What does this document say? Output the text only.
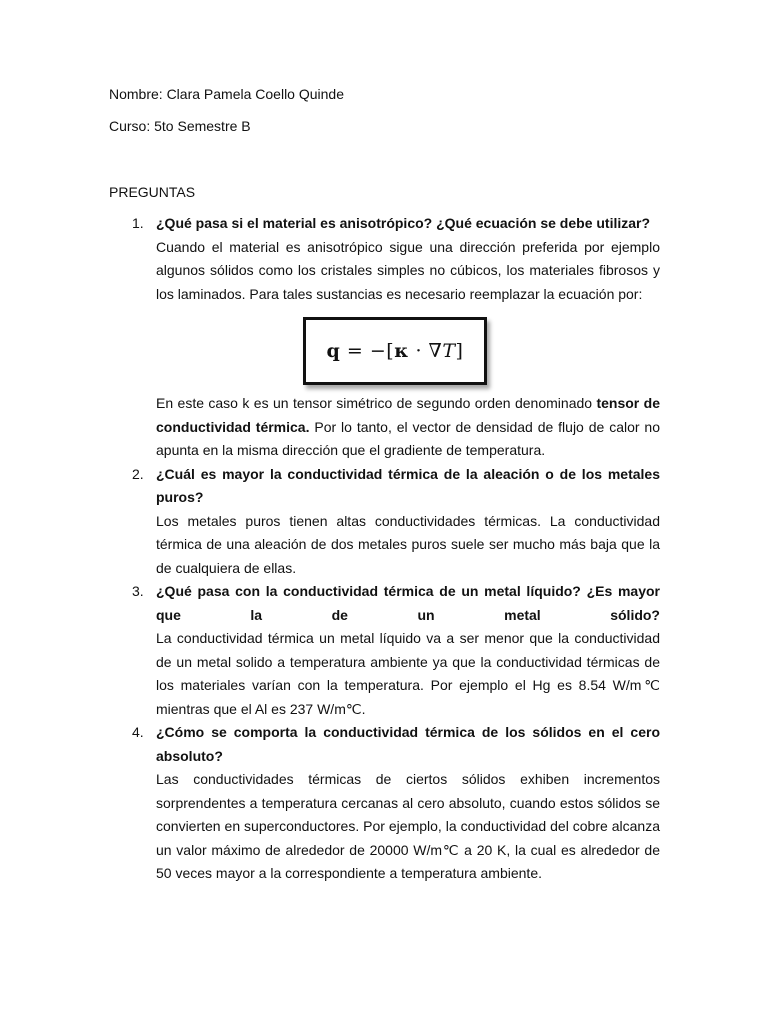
Nombre: Clara Pamela Coello Quinde
Curso: 5to Semestre B
PREGUNTAS
1. ¿Qué pasa si el material es anisotrópico? ¿Qué ecuación se debe utilizar?
Cuando el material es anisotrópico sigue una dirección preferida por ejemplo algunos sólidos como los cristales simples no cúbicos, los materiales fibrosos y los laminados. Para tales sustancias es necesario reemplazar la ecuación por:
q = −[κ · ∇T]
En este caso k es un tensor simétrico de segundo orden denominado tensor de conductividad térmica. Por lo tanto, el vector de densidad de flujo de calor no apunta en la misma dirección que el gradiente de temperatura.
2. ¿Cuál es mayor la conductividad térmica de la aleación o de los metales puros?
Los metales puros tienen altas conductividades térmicas. La conductividad térmica de una aleación de dos metales puros suele ser mucho más baja que la de cualquiera de ellas.
3. ¿Qué pasa con la conductividad térmica de un metal líquido? ¿Es mayor que la de un metal sólido?
La conductividad térmica un metal líquido va a ser menor que la conductividad de un metal solido a temperatura ambiente ya que la conductividad térmicas de los materiales varían con la temperatura. Por ejemplo el Hg es 8.54 W/m℃
mientras que el Al es 237 W/m℃.
4. ¿Cómo se comporta la conductividad térmica de los sólidos en el cero absoluto?
Las conductividades térmicas de ciertos sólidos exhiben incrementos sorprendentes a temperatura cercanas al cero absoluto, cuando estos sólidos se convierten en superconductores. Por ejemplo, la conductividad del cobre alcanza un valor máximo de alrededor de 20000 W/m℃ a 20 K, la cual es alrededor de 50 veces mayor a la correspondiente a temperatura ambiente.
